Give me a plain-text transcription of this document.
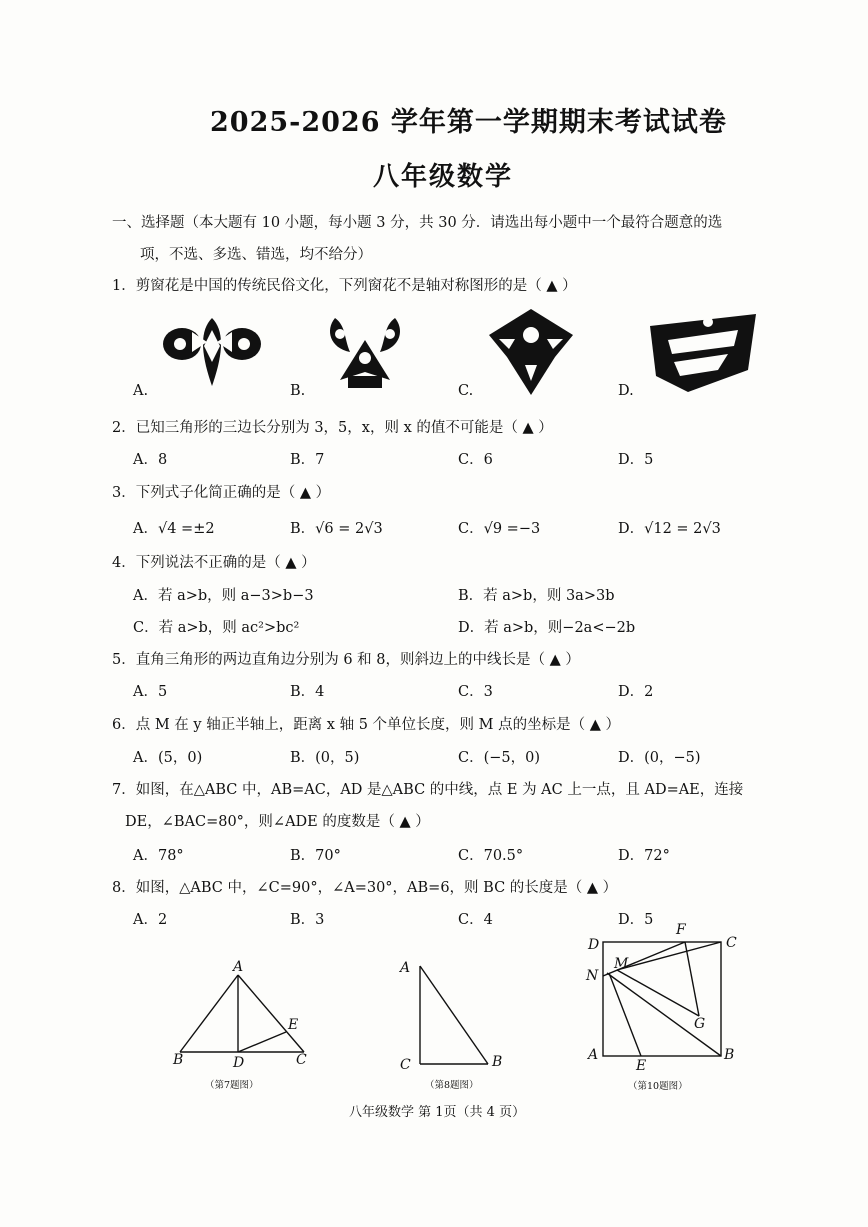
2025-2026 学年第一学期期末考试试卷
八年级数学
一、选择题（本大题有 10 小题，每小题 3 分，共 30 分．请选出每小题中一个最符合题意的选
项，不选、多选、错选，均不给分）
1．剪窗花是中国的传统民俗文化，下列窗花不是轴对称图形的是（ ▲ ）
A.	B.	C.	D.
2．已知三角形的三边长分别为 3，5，x，则 x 的值不可能是（ ▲ ）
A．8	B．7	C．6	D．5
3．下列式子化简正确的是（ ▲ ）
A．√4 =±2	B．√6 = 2√3	C．√9 =−3	D．√12 = 2√3
4．下列说法不正确的是（ ▲ ）
A．若 a>b，则 a−3>b−3	B．若 a>b，则 3a>3b
C．若 a>b，则 ac²>bc²	D．若 a>b，则−2a<−2b
5．直角三角形的两边直角边分别为 6 和 8，则斜边上的中线长是（ ▲ ）
A．5	B．4	C．3	D．2
6．点 M 在 y 轴正半轴上，距离 x 轴 5 个单位长度，则 M 点的坐标是（ ▲ ）
A．(5，0)	B．(0，5)	C．(−5，0)	D．(0，−5)
7．如图，在△ABC 中，AB=AC，AD 是△ABC 的中线，点 E 为 AC 上一点，且 AD=AE，连接
DE，∠BAC=80°，则∠ADE 的度数是（ ▲ ）
A．78°	B．70°	C．70.5°	D．72°
8．如图，△ABC 中，∠C=90°，∠A=30°，AB=6，则 BC 的长度是（ ▲ ）
A．2	B．3	C．4	D．5
A
B	D	C
E
（第7题图）
A
C	B
（第8题图）
D
F
C
N
M
G
A
E
B
（第10题图）
八年级数学 第 1页（共 4 页）
